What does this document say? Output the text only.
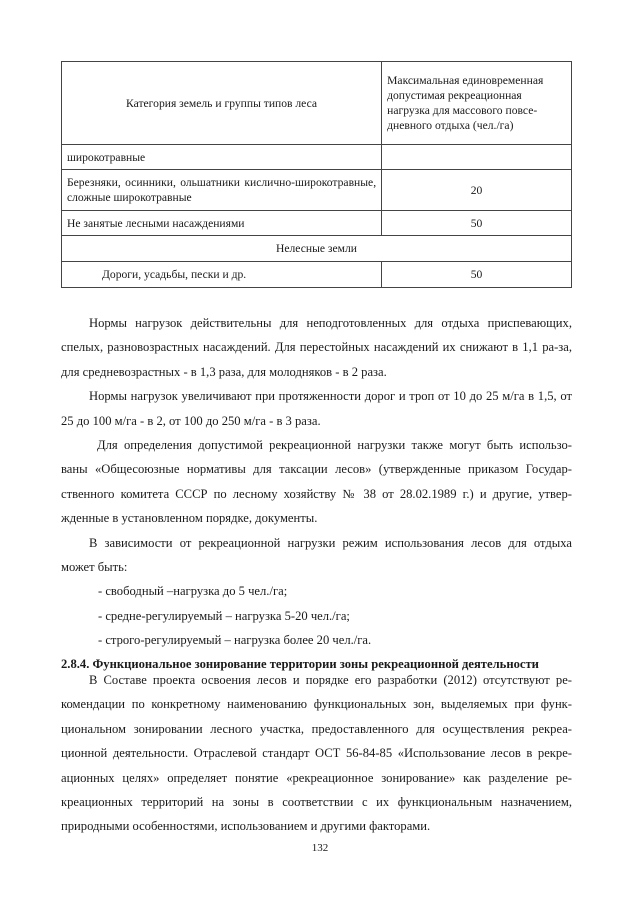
Категория земель и группы типов леса	Максимальная единовременная допустимая рекреационная нагрузка для массового повсе-дневного отдыха (чел./га)
широкотравные	
Березняки, осинники, ольшатники кислично-широкотравные, сложные широкотравные	20
Не занятые лесными насаждениями	50
Нелесные земли	
Дороги, усадьбы, пески и др.	50

Нормы нагрузок действительны для неподготовленных для отдыха приспевающих, спелых, разновозрастных насаждений. Для перестойных насаждений их снижают в 1,1 ра-за, для средневозрастных - в 1,3 раза, для молодняков - в 2 раза.

Нормы нагрузок увеличивают при протяженности дорог и троп от 10 до 25 м/га в 1,5, от 25 до 100 м/га - в 2, от 100 до 250 м/га - в 3 раза.

Для определения допустимой рекреационной нагрузки также могут быть использо-ваны «Общесоюзные нормативы для таксации лесов» (утвержденные приказом Государ-ственного комитета СССР по лесному хозяйству № 38 от 28.02.1989 г.) и другие, утвер-жденные в установленном порядке, документы.

В зависимости от рекреационной нагрузки режим использования лесов для отдыха может быть:

- свободный –нагрузка до 5 чел./га;

- средне-регулируемый – нагрузка 5-20 чел./га;

- строго-регулируемый – нагрузка более 20 чел./га.

2.8.4. Функциональное зонирование территории зоны рекреационной деятельности

В Составе проекта освоения лесов и порядке его разработки (2012) отсутствуют ре-комендации по конкретному наименованию функциональных зон, выделяемых при функ-циональном зонировании лесного участка, предоставленного для осуществления рекреа-ционной деятельности. Отраслевой стандарт ОСТ 56-84-85 «Использование лесов в рекре-ационных целях» определяет понятие «рекреационное зонирование» как разделение ре-креационных территорий на зоны в соответствии с их функциональным назначением, природными особенностями, использованием и другими факторами.

132
